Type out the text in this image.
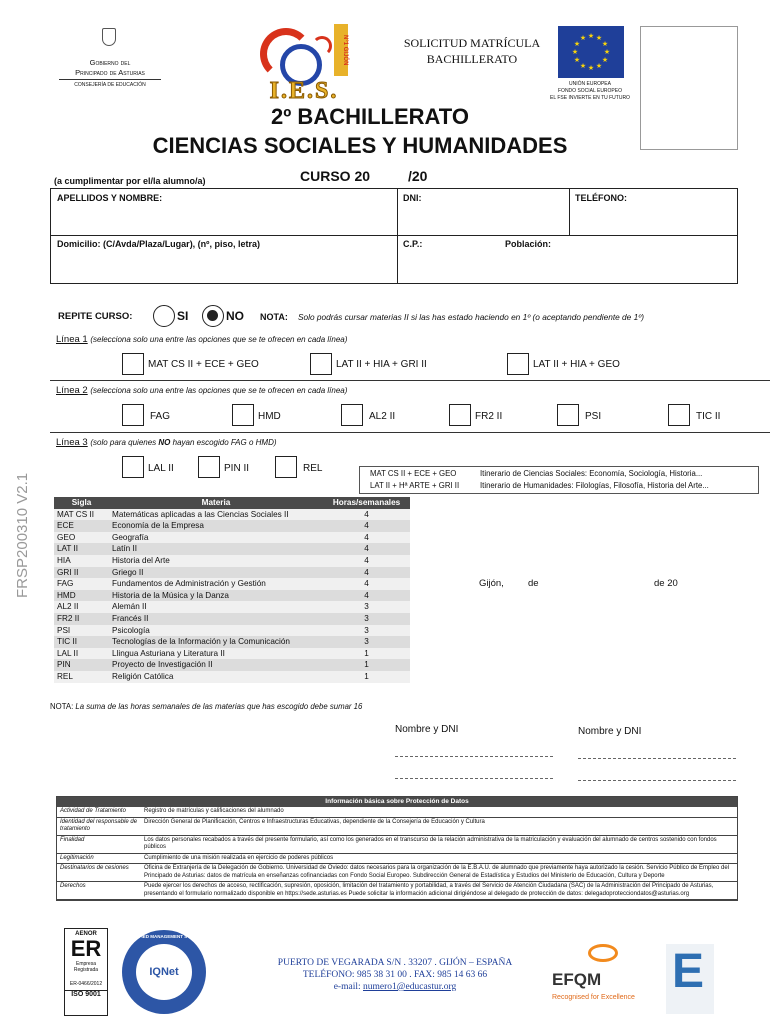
Gobierno del
Principado de Asturias
CONSEJERÍA DE EDUCACIÓN
N°1 GIJÓN
I.E.S.
SOLICITUD MATRÍCULA
BACHILLERATO
★ ★
★
★
★
★
★
★
★
★
★
★
UNIÓN EUROPEA
FONDO SOCIAL EUROPEO
EL FSE INVIERTE EN TU FUTURO
2º BACHILLERATO
CIENCIAS SOCIALES Y HUMANIDADES
(a cumplimentar por el/la alumno/a)	CURSO 20	/20
APELLIDOS Y NOMBRE:	DNI:	TELÉFONO:
Domicilio: (C/Avda/Plaza/Lugar), (nº, piso, letra)	C.P.:	Población:
REPITE CURSO:	SI	NO NOTA: Solo podrás cursar materias II si las has estado haciendo en 1º (o aceptando pendiente de 1º)
Línea 1 (selecciona solo una entre las opciones que se te ofrecen en cada línea)
MAT CS II + ECE + GEO	LAT II + HIA + GRI II	LAT II + HIA + GEO
Línea 2 (selecciona solo una entre las opciones que se te ofrecen en cada línea)
FAG	HMD	AL2 II	FR2 II	PSI	TIC II
Línea 3 (solo para quienes NO hayan escogido FAG o HMD)
LAL II	PIN II	REL	MAT CS II + ECE + GEO	Itinerario de Ciencias Sociales: Economía, Sociología, Historia...
LAT II + Hª ARTE + GRI II	Itinerario de Humanidades: Filologías, Filosofía, Historia del Arte...
FRSP200310 V2.1	Sigla	Materia	Horas/semanales
MAT CS II	Matemáticas aplicadas a las Ciencias Sociales II	4
ECE	Economía de la Empresa	4
GEO	Geografía	4
LAT II	Latín II	4
HIA	Historia del Arte	4
GRI II	Griego II	4
FAG	Fundamentos de Administración y Gestión	4
HMD	Historia de la Música y la Danza	4
AL2 II	Alemán II	3
FR2 II	Francés II	3
PSI	Psicología	3
TIC II	Tecnologías de la Información y la Comunicación	3
LAL II	Llingua Asturiana y Literatura II	1
PIN	Proyecto de Investigación II	1
REL	Religión Católica	1
NOTA: La suma de las horas semanales de las materias que has escogido debe sumar 16
Gijón,	de	de 20
Nombre y DNI	Nombre y DNI
Información básica sobre Protección de Datos
Actividad de Tratamiento	Registro de matrículas y calificaciones del alumnado
Identidad del responsable de tratamiento	Dirección General de Planificación, Centros e Infraestructuras Educativas, dependiente de la Consejería de Educación y Cultura
Finalidad	Los datos personales recabados a través del presente formulario, así como los generados en el transcurso de la relación administrativa de la matriculación y evaluación del alumnado de centros sostenido con fondos públicos
Legitimación	Cumplimiento de una misión realizada en ejercicio de poderes públicos
Destinatarios de cesiones	Oficina de Extranjería de la Delegación de Gobierno. Universidad de Oviedo: datos necesarios para la organización de la E.B.A.U. de alumnado que previamente haya autorizado la cesión. Servicio Público de Empleo del Principado de Asturias: datos de matrícula en enseñanzas cofinanciadas con Fondo Social Europeo. Subdirección General de Estadística y Estudios del Ministerio de Educación, Cultura y Deporte
Derechos	Puede ejercer los derechos de acceso, rectificación, supresión, oposición, limitación del tratamiento y portabilidad, a través del Servicio de Atención Ciudadana (SAC) de la Administración del Principado de Asturias, presentando el formulario normalizado disponible en https://sede.asturias.es Puede solicitar la información adicional dirigiéndose al delegado de protección de datos: delegadoprotecciondatos@asturias.org
AENOR
ER
Empresa
Registrada
ER-0466/2012
ISO 9001
IQNet
CERTIFIED MANAGEMENT SYSTEM
PUERTO DE VEGARADA S/N . 33207 . GIJÓN – ESPAÑA
TELÉFONO: 985 38 31 00 . FAX: 985 14 63 66
e-mail: numero1@educastur.org	EFQM
Recognised for Excellence E
